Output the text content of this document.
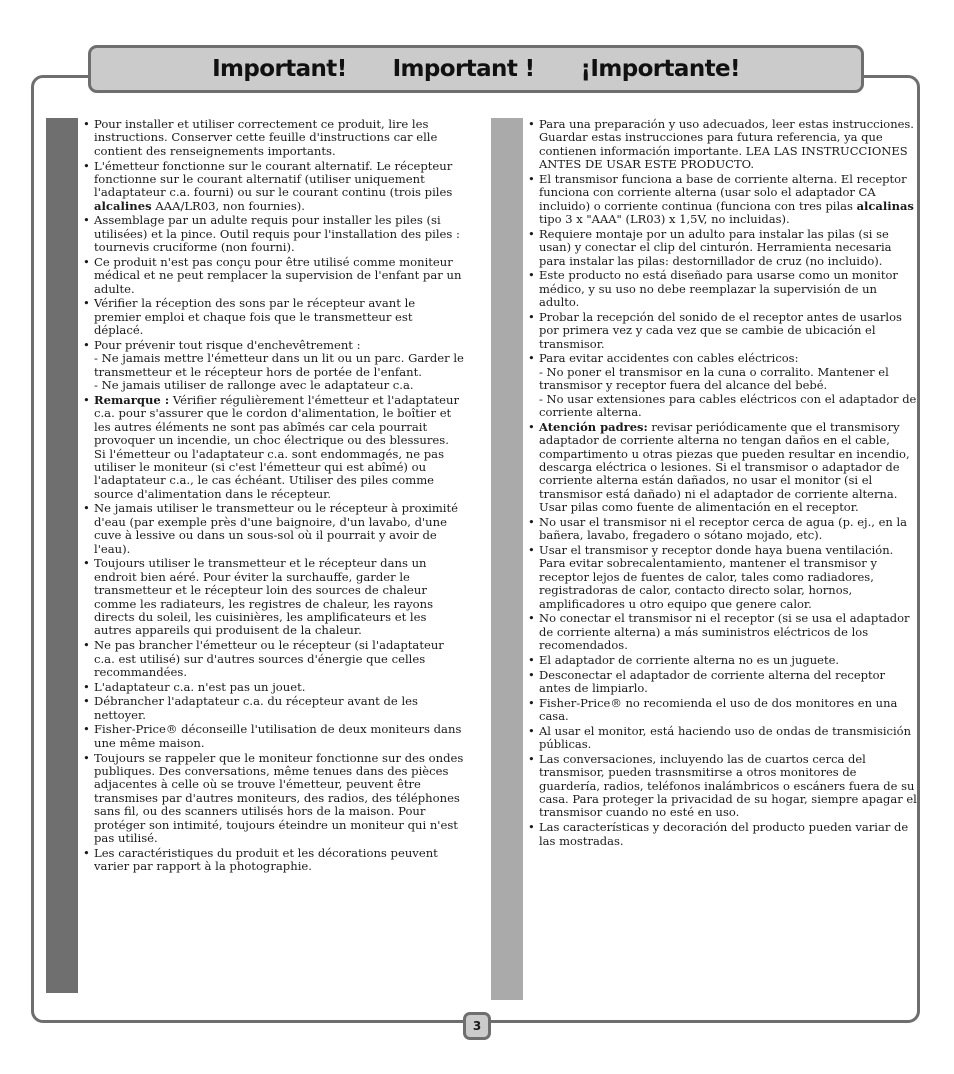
Important! Important ! ¡Importante!
• Pour installer et utiliser correctement ce produit, lire les instructions. Conserver cette feuille d'instructions car elle contient des renseignements importants.
• L'émetteur fonctionne sur le courant alternatif. Le récepteur fonctionne sur le courant alternatif (utiliser uniquement l'adaptateur c.a. fourni) ou sur le courant continu (trois piles alcalines AAA/LR03, non fournies).
• Assemblage par un adulte requis pour installer les piles (si utilisées) et la pince. Outil requis pour l'installation des piles : tournevis cruciforme (non fourni).
• Ce produit n'est pas conçu pour être utilisé comme moniteur médical et ne peut remplacer la supervision de l'enfant par un adulte.
• Vérifier la réception des sons par le récepteur avant le premier emploi et chaque fois que le transmetteur est déplacé.
• Pour prévenir tout risque d'enchevêtrement :
- Ne jamais mettre l'émetteur dans un lit ou un parc. Garder le transmetteur et le récepteur hors de portée de l'enfant.
- Ne jamais utiliser de rallonge avec le adaptateur c.a.
• Remarque : Vérifier régulièrement l'émetteur et l'adaptateur c.a. pour s'assurer que le cordon d'alimentation, le boîtier et les autres éléments ne sont pas abîmés car cela pourrait provoquer un incendie, un choc électrique ou des blessures. Si l'émetteur ou l'adaptateur c.a. sont endommagés, ne pas utiliser le moniteur (si c'est l'émetteur qui est abîmé) ou l'adaptateur c.a., le cas échéant. Utiliser des piles comme source d'alimentation dans le récepteur.
• Ne jamais utiliser le transmetteur ou le récepteur à proximité d'eau (par exemple près d'une baignoire, d'un lavabo, d'une cuve à lessive ou dans un sous-sol où il pourrait y avoir de l'eau).
• Toujours utiliser le transmetteur et le récepteur dans un endroit bien aéré. Pour éviter la surchauffe, garder le transmetteur et le récepteur loin des sources de chaleur comme les radiateurs, les registres de chaleur, les rayons directs du soleil, les cuisinières, les amplificateurs et les autres appareils qui produisent de la chaleur.
• Ne pas brancher l'émetteur ou le récepteur (si l'adaptateur c.a. est utilisé) sur d'autres sources d'énergie que celles recommandées.
• L'adaptateur c.a. n'est pas un jouet.
• Débrancher l'adaptateur c.a. du récepteur avant de les nettoyer.
• Fisher-Price® déconseille l'utilisation de deux moniteurs dans une même maison.
• Toujours se rappeler que le moniteur fonctionne sur des ondes publiques. Des conversations, même tenues dans des pièces adjacentes à celle où se trouve l'émetteur, peuvent être transmises par d'autres moniteurs, des radios, des téléphones sans fil, ou des scanners utilisés hors de la maison. Pour protéger son intimité, toujours éteindre un moniteur qui n'est pas utilisé.
• Les caractéristiques du produit et les décorations peuvent varier par rapport à la photographie.
• Para una preparación y uso adecuados, leer estas instrucciones. Guardar estas instrucciones para futura referencia, ya que contienen información importante. LEA LAS INSTRUCCIONES ANTES DE USAR ESTE PRODUCTO.
• El transmisor funciona a base de corriente alterna. El receptor funciona con corriente alterna (usar solo el adaptador CA incluido) o corriente continua (funciona con tres pilas alcalinas tipo 3 x "AAA" (LR03) x 1,5V, no incluidas).
• Requiere montaje por un adulto para instalar las pilas (si se usan) y conectar el clip del cinturón. Herramienta necesaria para instalar las pilas: destornillador de cruz (no incluido).
• Este producto no está diseñado para usarse como un monitor médico, y su uso no debe reemplazar la supervisión de un adulto.
• Probar la recepción del sonido de el receptor antes de usarlos por primera vez y cada vez que se cambie de ubicación el transmisor.
• Para evitar accidentes con cables eléctricos:
- No poner el transmisor en la cuna o corralito. Mantener el transmisor y receptor fuera del alcance del bebé.
- No usar extensiones para cables eléctricos con el adaptador de corriente alterna.
• Atención padres: revisar periódicamente que el transmisory adaptador de corriente alterna no tengan daños en el cable, compartimento u otras piezas que pueden resultar en incendio, descarga eléctrica o lesiones. Si el transmisor o adaptador de corriente alterna están dañados, no usar el monitor (si el transmisor está dañado) ni el adaptador de corriente alterna. Usar pilas como fuente de alimentación en el receptor.
• No usar el transmisor ni el receptor cerca de agua (p. ej., en la bañera, lavabo, fregadero o sótano mojado, etc).
• Usar el transmisor y receptor donde haya buena ventilación. Para evitar sobrecalentamiento, mantener el transmisor y receptor lejos de fuentes de calor, tales como radiadores, registradoras de calor, contacto directo solar, hornos, amplificadores u otro equipo que genere calor.
• No conectar el transmisor ni el receptor (si se usa el adaptador de corriente alterna) a más suministros eléctricos de los recomendados.
• El adaptador de corriente alterna no es un juguete.
• Desconectar el adaptador de corriente alterna del receptor antes de limpiarlo.
• Fisher-Price® no recomienda el uso de dos monitores en una casa.
• Al usar el monitor, está haciendo uso de ondas de transmisición públicas.
• Las conversaciones, incluyendo las de cuartos cerca del transmisor, pueden trasnsmitirse a otros monitores de guardería, radios, teléfonos inalámbricos o escáners fuera de su casa. Para proteger la privacidad de su hogar, siempre apagar el transmisor cuando no esté en uso.
• Las características y decoración del producto pueden variar de las mostradas.
3
